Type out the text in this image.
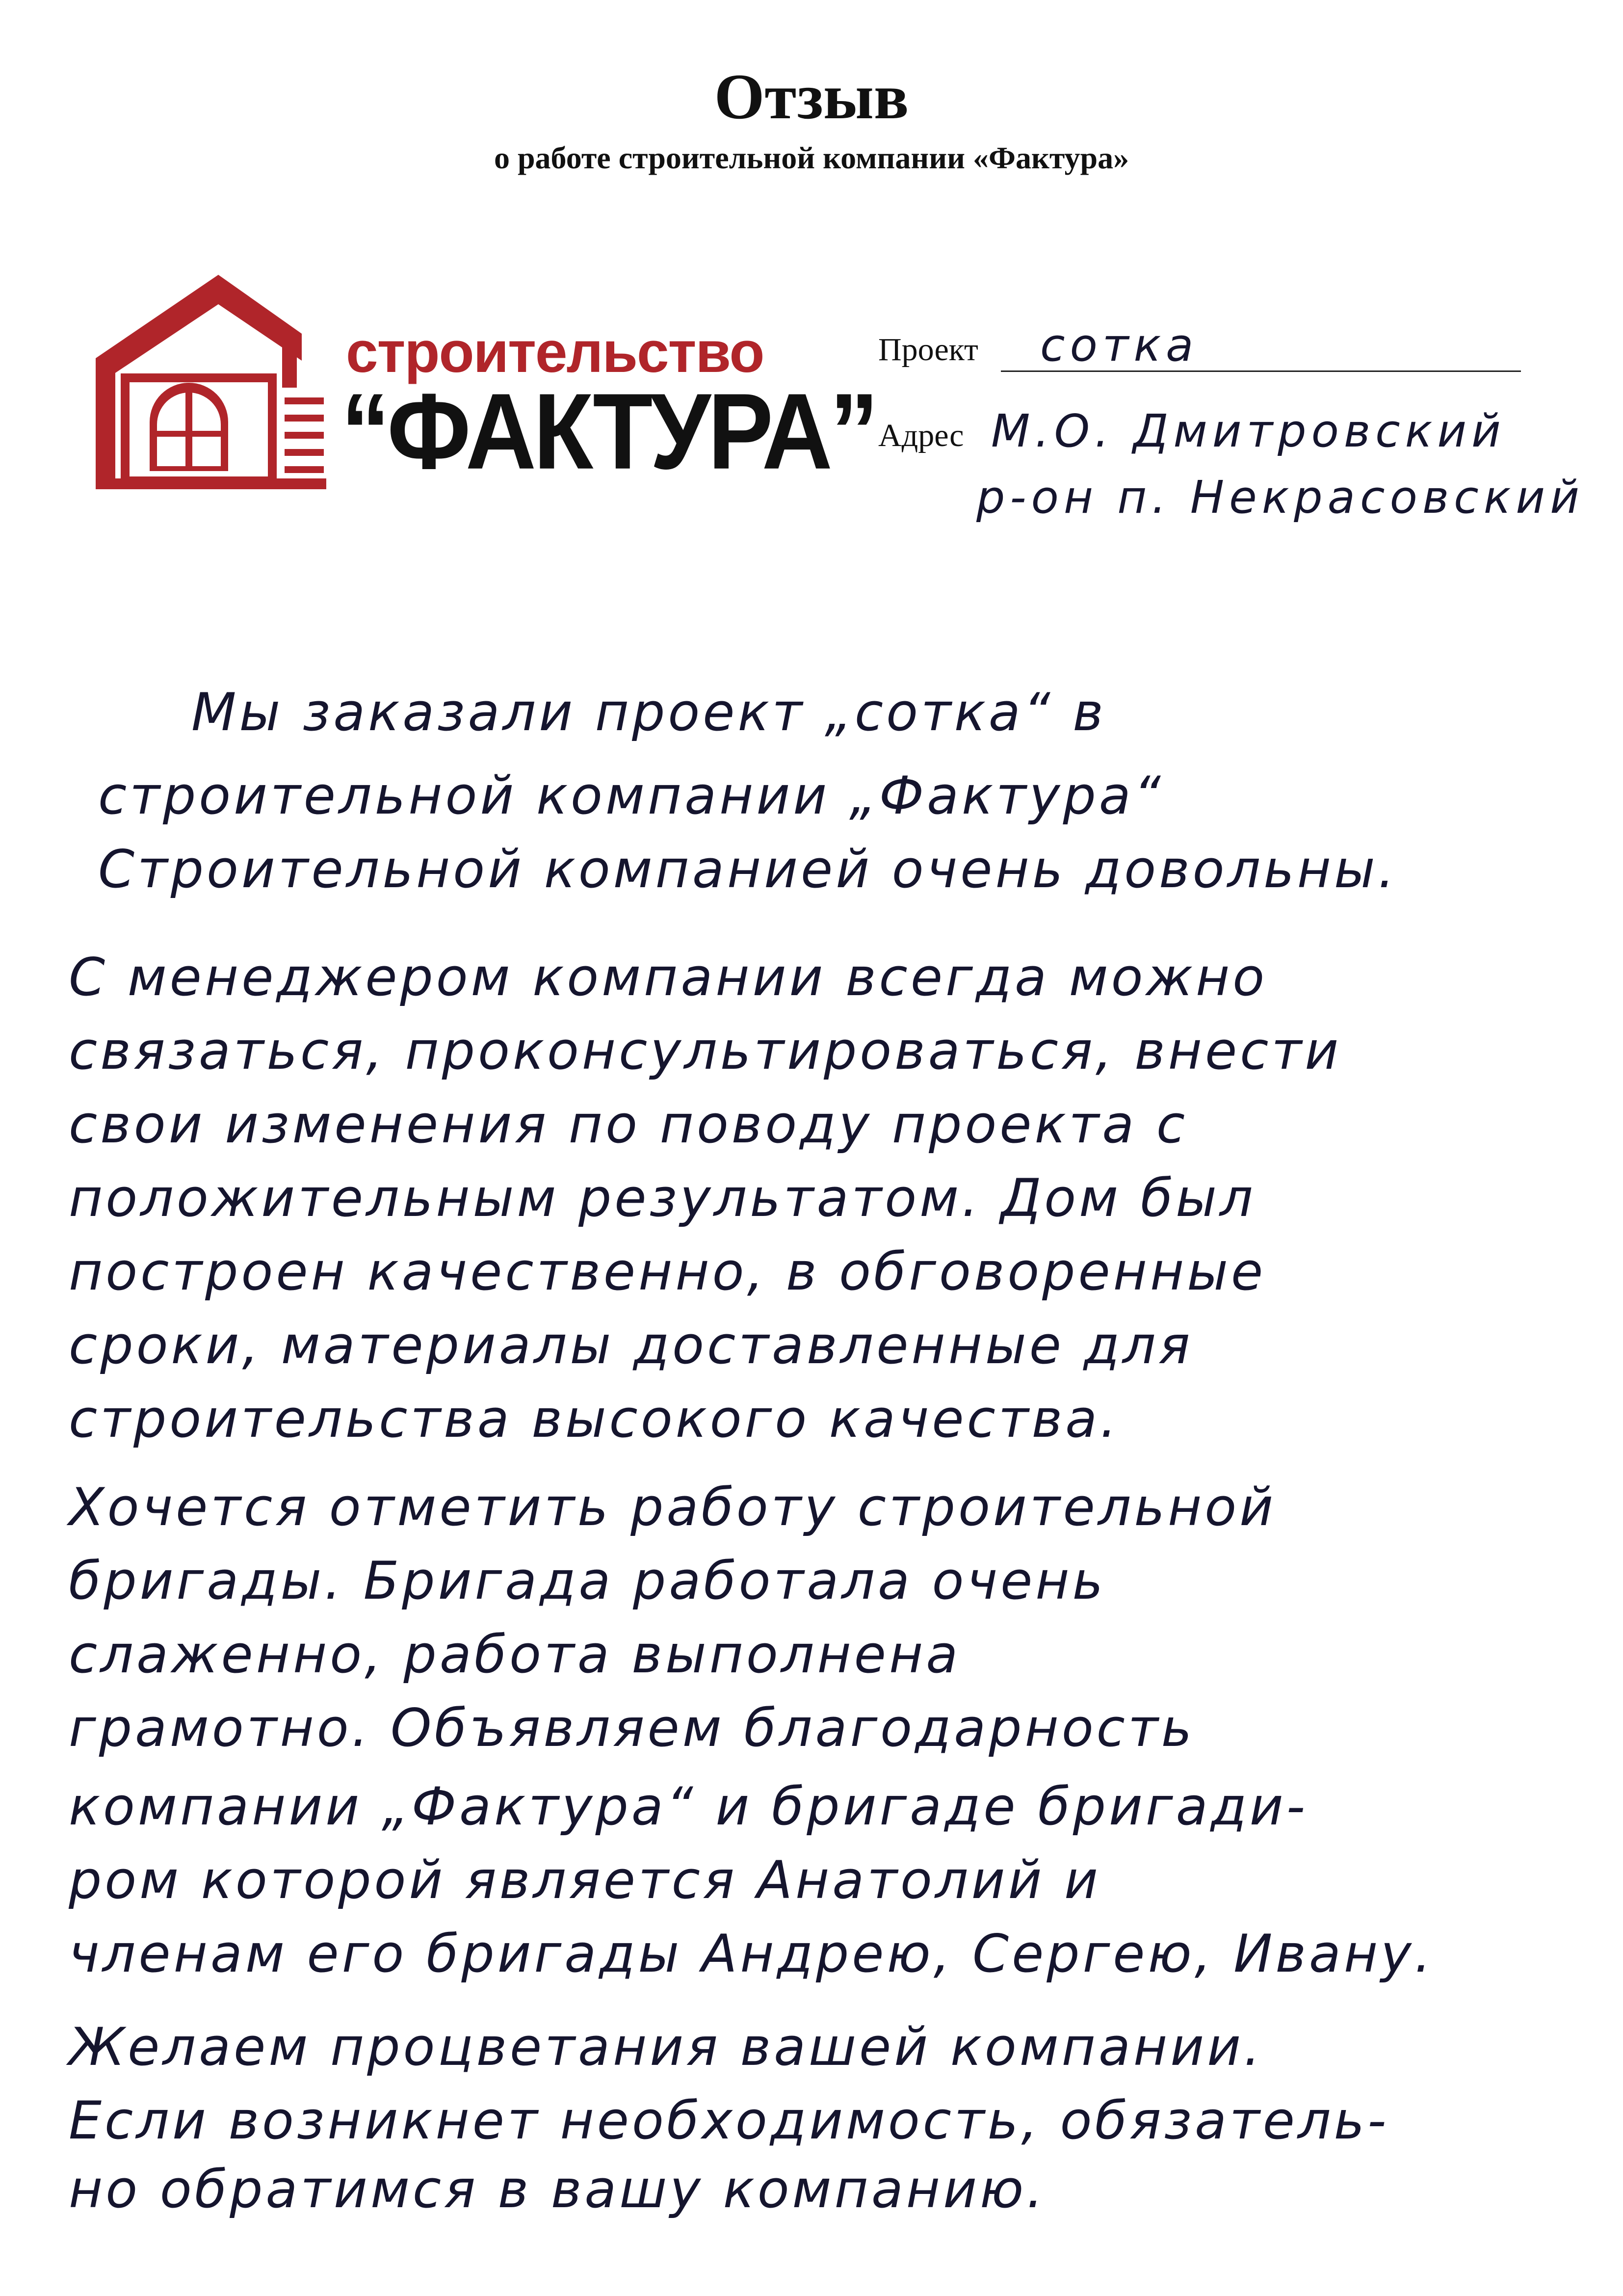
Отзыв
о работе строительной компании «Фактура»
строительство
“ФАКТУРА”
Проект сотка
Адрес М.О. Дмитровский
р-он п. Некрасовский
Мы заказали проект „сотка“ в
строительной компании „Фактура“
Строительной компанией очень довольны.
С менеджером компании всегда можно
связаться, проконсультироваться, внести
свои изменения по поводу проекта с
положительным результатом. Дом был
построен качественно, в обговоренные
сроки, материалы доставленные для
строительства высокого качества.
Хочется отметить работу строительной
бригады. Бригада работала очень
слаженно, работа выполнена
грамотно. Объявляем благодарность
компании „Фактура“ и бригаде бригади-
ром которой является Анатолий и
членам его бригады Андрею, Сергею, Ивану.
Желаем процветания вашей компании.
Если возникнет необходимость, обязатель-
но обратимся в вашу компанию.
